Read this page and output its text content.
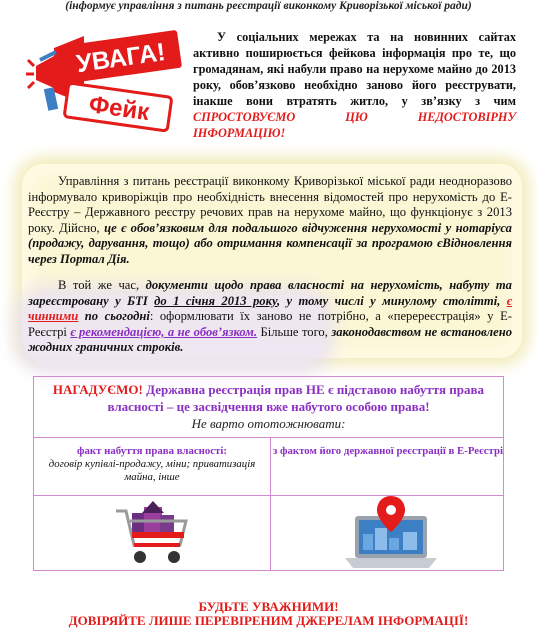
(інформує управління з питань реєстрації виконкому Криворізької міської ради)
УВАГА!
Фейк
У соціальних мережах та на новинних сайтах активно поширюється фейкова інформація про те, що громадянам, які набули право на нерухоме майно до 2013 року, обов’язково необхідно заново його реєструвати, інакше вони втратять житло, у зв’язку з чим СПРОСТОВУЄМО ЦЮ НЕДОСТОВІРНУ ІНФОРМАЦІЮ!
Управління з питань реєстрації виконкому Криворізької міської ради неодноразово інформувало криворіжців про необхідність внесення відомостей про нерухомість до Е-Реєстру – Державного реєстру речових прав на нерухоме майно, що функціонує з 2013 року. Дійсно, це є обов’язковим для подальшого відчуження нерухомості у нотаріуса (продажу, дарування, тощо) або отримання компенсації за програмою єВідновлення через Портал Дія.
В той же час, документи щодо права власності на нерухомість, набуту та зареєстровану у БТІ до 1 січня 2013 року, у тому числі у минулому столітті, є чинними по сьогодні: оформлювати їх заново не потрібно, а «перереєстрація» у Е-Реєстрі є рекомендацією, а не обов’язком. Більше того, законодавством не встановлено жодних граничних строків.
НАГАДУЄМО! Державна реєстрація прав НЕ є підставою набуття права власності – це засвідчення вже набутого особою права!
Не варто ототожнювати:
факт набуття права власності:
договір купівлі-продажу, міни; приватизація майна, інше
з фактом його державної реєстрації в Е-Реєстрі
БУДЬТЕ УВАЖНИМИ!
ДОВІРЯЙТЕ ЛИШЕ ПЕРЕВІРЕНИМ ДЖЕРЕЛАМ ІНФОРМАЦІЇ!
